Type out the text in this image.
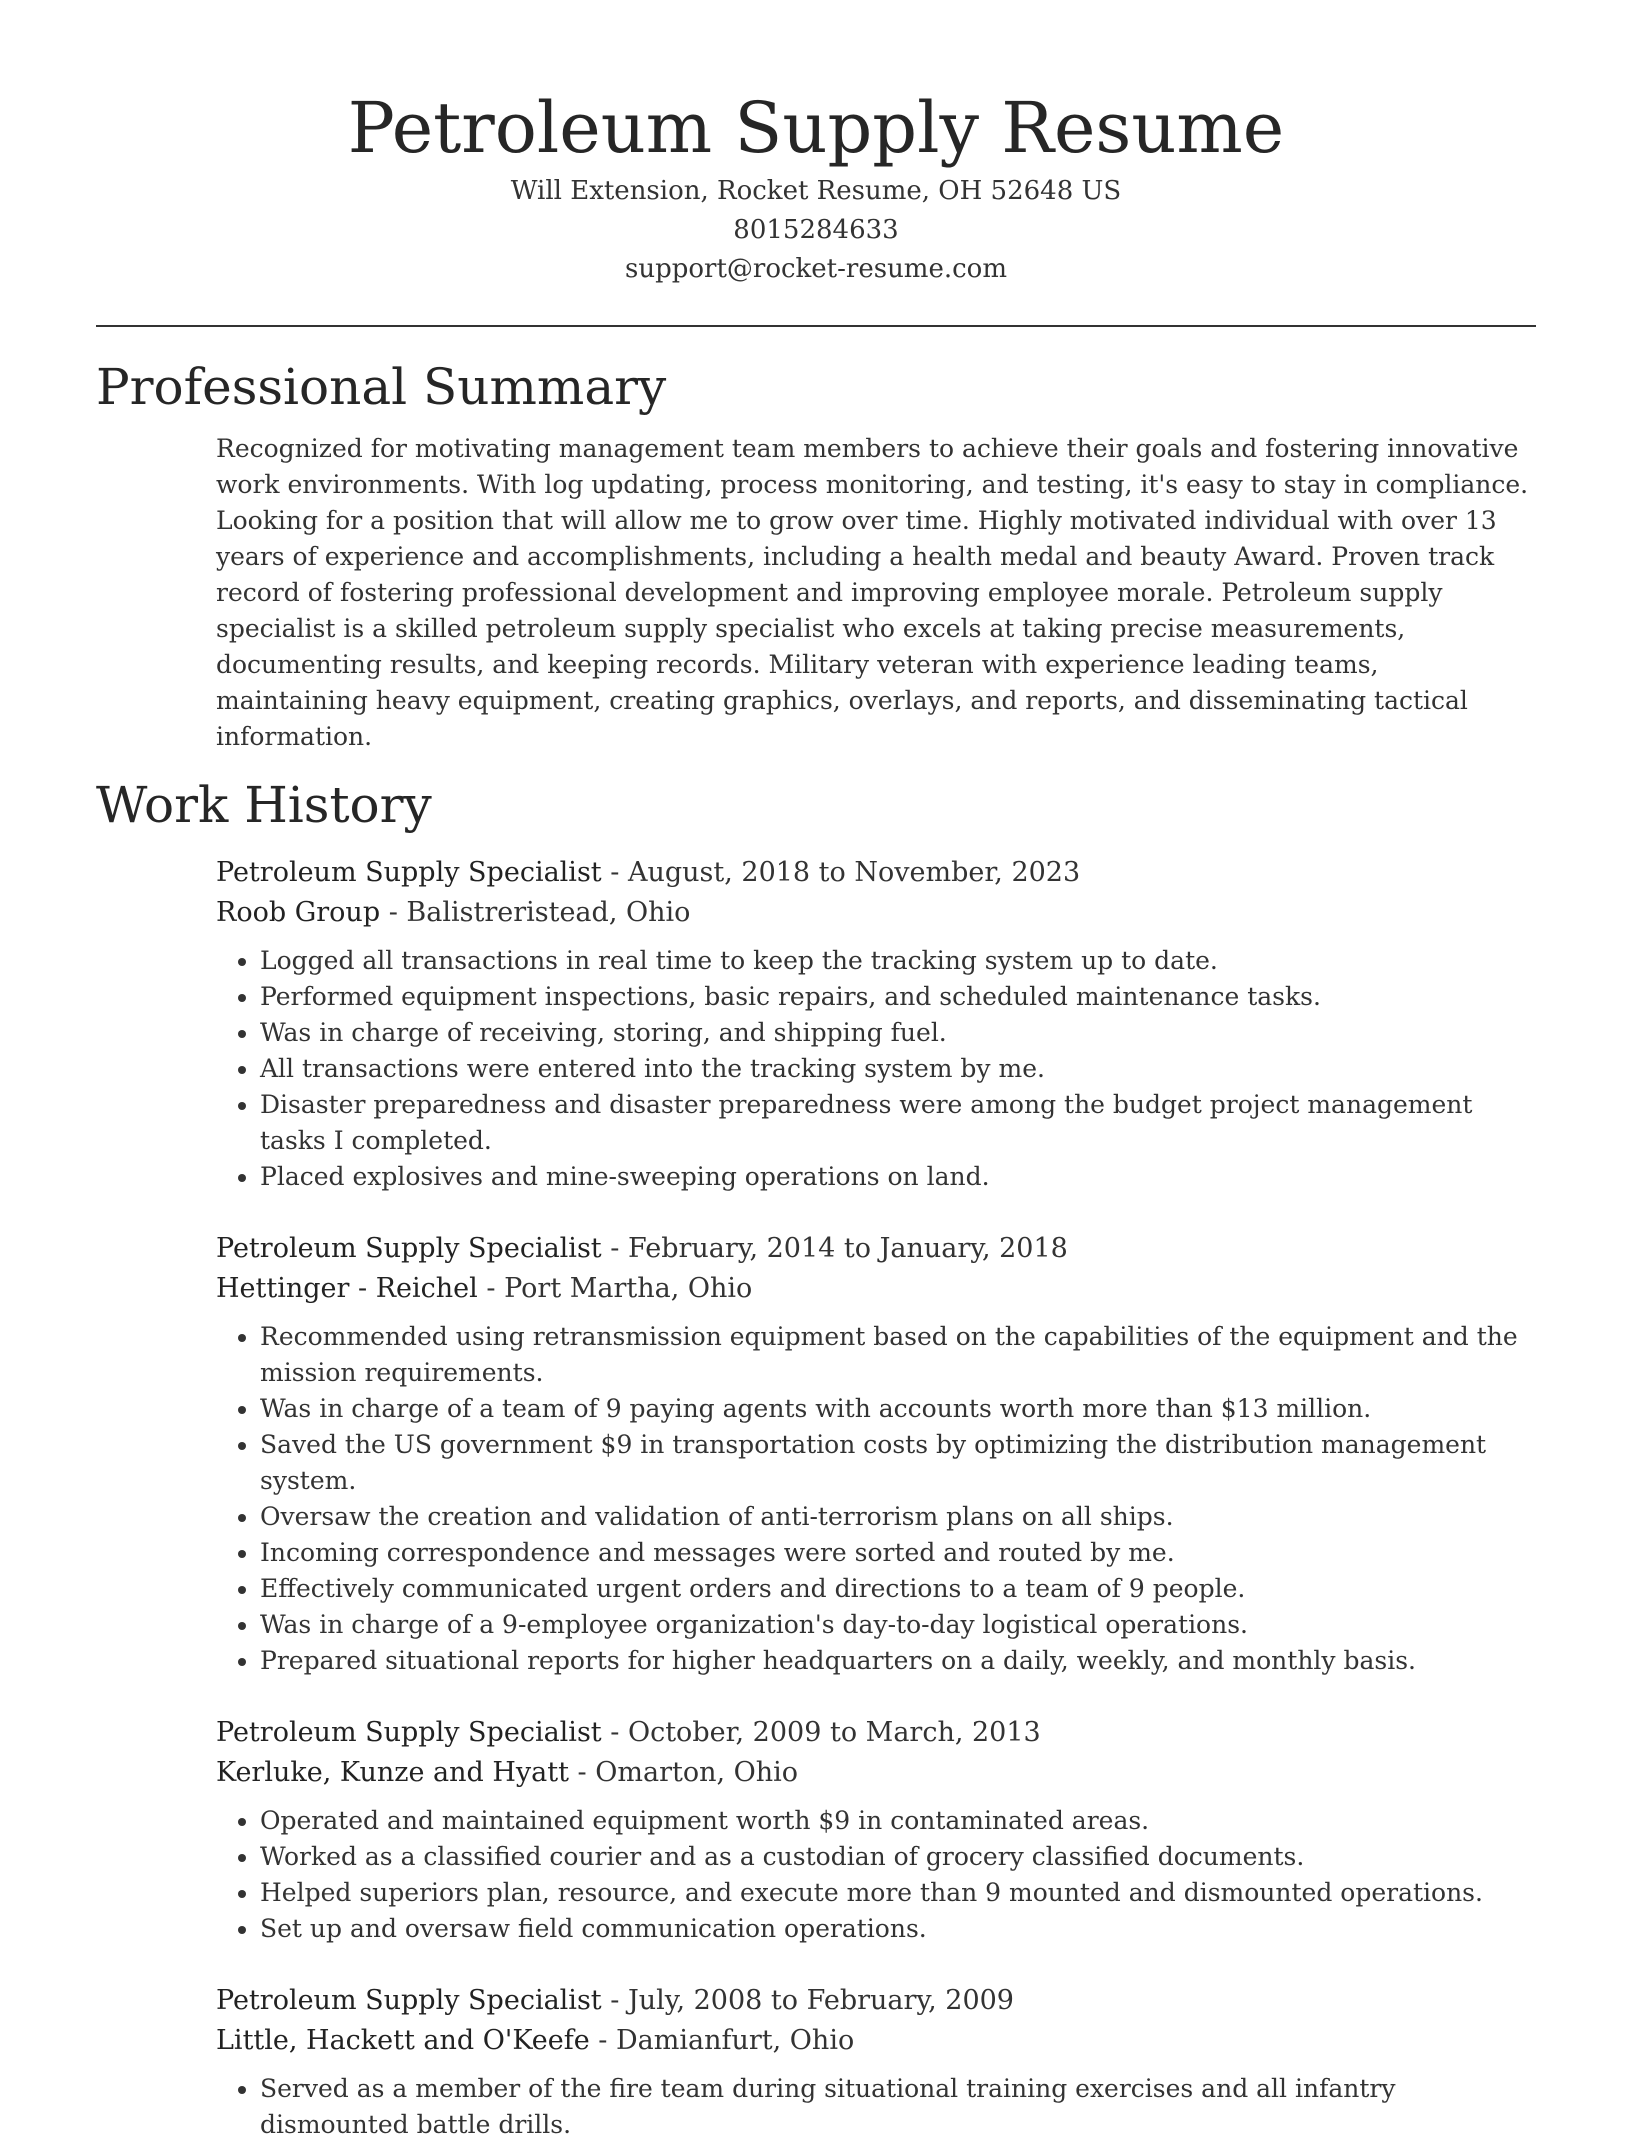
Petroleum Supply Resume
Will Extension, Rocket Resume, OH 52648 US
8015284633
support@rocket-resume.com
Professional Summary

Recognized for motivating management team members to achieve their goals and fostering innovative work environments. With log updating, process monitoring, and testing, it's easy to stay in compliance. Looking for a position that will allow me to grow over time. Highly motivated individual with over 13 years of experience and accomplishments, including a health medal and beauty Award. Proven track record of fostering professional development and improving employee morale. Petroleum supply specialist is a skilled petroleum supply specialist who excels at taking precise measurements, documenting results, and keeping records. Military veteran with experience leading teams, maintaining heavy equipment, creating graphics, overlays, and reports, and disseminating tactical information.

Work History
Petroleum Supply Specialist - August, 2018 to November, 2023
Roob Group - Balistreristead, Ohio
• Logged all transactions in real time to keep the tracking system up to date.
• Performed equipment inspections, basic repairs, and scheduled maintenance tasks.
• Was in charge of receiving, storing, and shipping fuel.
• All transactions were entered into the tracking system by me.
• Disaster preparedness and disaster preparedness were among the budget project management tasks I completed.
• Placed explosives and mine-sweeping operations on land.
Petroleum Supply Specialist - February, 2014 to January, 2018
Hettinger - Reichel - Port Martha, Ohio
• Recommended using retransmission equipment based on the capabilities of the equipment and the mission requirements.
• Was in charge of a team of 9 paying agents with accounts worth more than $13 million.
• Saved the US government $9 in transportation costs by optimizing the distribution management system.
• Oversaw the creation and validation of anti-terrorism plans on all ships.
• Incoming correspondence and messages were sorted and routed by me.
• Effectively communicated urgent orders and directions to a team of 9 people.
• Was in charge of a 9-employee organization's day-to-day logistical operations.
• Prepared situational reports for higher headquarters on a daily, weekly, and monthly basis.
Petroleum Supply Specialist - October, 2009 to March, 2013
Kerluke, Kunze and Hyatt - Omarton, Ohio
• Operated and maintained equipment worth $9 in contaminated areas.
• Worked as a classified courier and as a custodian of grocery classified documents.
• Helped superiors plan, resource, and execute more than 9 mounted and dismounted operations.
• Set up and oversaw field communication operations.
Petroleum Supply Specialist - July, 2008 to February, 2009
Little, Hackett and O'Keefe - Damianfurt, Ohio
• Served as a member of the fire team during situational training exercises and all infantry dismounted battle drills.
